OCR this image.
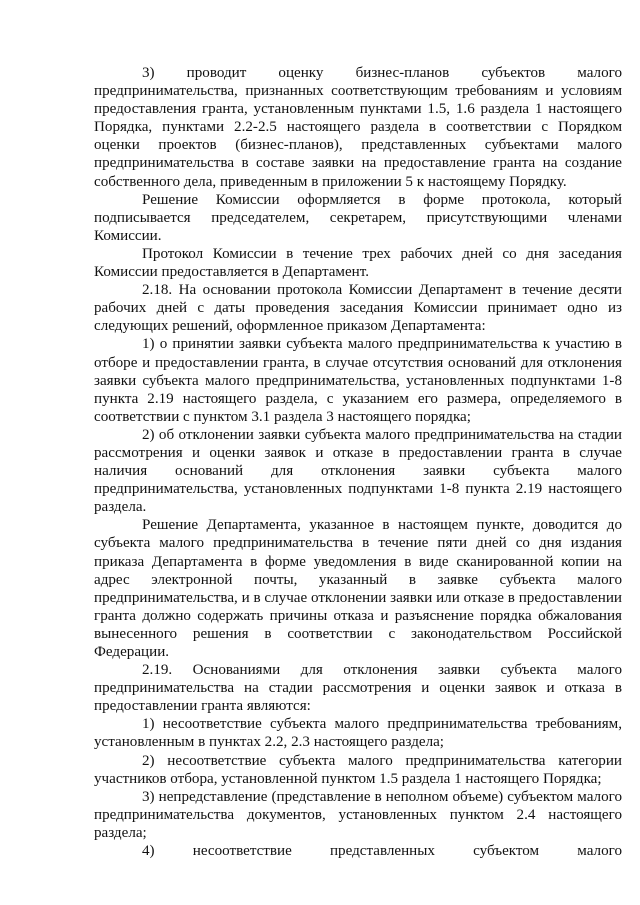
3) проводит оценку бизнес-планов субъектов малого предпринимательства, признанных соответствующим требованиям и условиям предоставления гранта, установленным пунктами 1.5, 1.6 раздела 1 настоящего Порядка, пунктами 2.2-2.5 настоящего раздела в соответствии с Порядком оценки проектов (бизнес-планов), представленных субъектами малого предпринимательства в составе заявки на предоставление гранта на создание собственного дела, приведенным в приложении 5 к настоящему Порядку.

Решение Комиссии оформляется в форме протокола, который подписывается председателем, секретарем, присутствующими членами Комиссии.

Протокол Комиссии в течение трех рабочих дней со дня заседания Комиссии предоставляется в Департамент.

2.18. На основании протокола Комиссии Департамент в течение десяти рабочих дней с даты проведения заседания Комиссии принимает одно из следующих решений, оформленное приказом Департамента:

1) о принятии заявки субъекта малого предпринимательства к участию в отборе и предоставлении гранта, в случае отсутствия оснований для отклонения заявки субъекта малого предпринимательства, установленных подпунктами 1-8 пункта 2.19 настоящего раздела, с указанием его размера, определяемого в соответствии с пунктом 3.1 раздела 3 настоящего порядка;

2) об отклонении заявки субъекта малого предпринимательства на стадии рассмотрения и оценки заявок и отказе в предоставлении гранта в случае наличия оснований для отклонения заявки субъекта малого предпринимательства, установленных подпунктами 1-8 пункта 2.19 настоящего раздела.

Решение Департамента, указанное в настоящем пункте, доводится до субъекта малого предпринимательства в течение пяти дней со дня издания приказа Департамента в форме уведомления в виде сканированной копии на адрес электронной почты, указанный в заявке субъекта малого предпринимательства, и в случае отклонении заявки или отказе в предоставлении гранта должно содержать причины отказа и разъяснение порядка обжалования вынесенного решения в соответствии с законодательством Российской Федерации.

2.19. Основаниями для отклонения заявки субъекта малого предпринимательства на стадии рассмотрения и оценки заявок и отказа в предоставлении гранта являются:

1) несоответствие субъекта малого предпринимательства требованиям, установленным в пунктах 2.2, 2.3 настоящего раздела;

2) несоответствие субъекта малого предпринимательства категории участников отбора, установленной пунктом 1.5 раздела 1 настоящего Порядка;

3) непредставление (представление в неполном объеме) субъектом малого предпринимательства документов, установленных пунктом 2.4 настоящего раздела;

4) несоответствие представленных субъектом малого
